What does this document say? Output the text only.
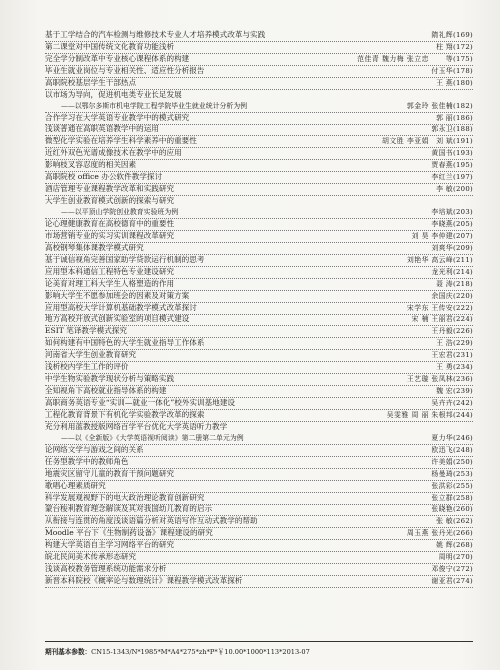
基于工学结合的汽车检测与维修技术专业人才培养模式改革与实践	隋礼辉(169)
第二课堂对中国传统文化教育功能浅析	柱 翔(172)
完全学分制改革中专业核心课程体系的构建	范佳青 魏力梅 张立忠	等(175)
毕业生就业岗位与专业相关性、适应性分析报告	付玉华(178)
高职院校基层学生干部热点	王 燕(180)
以市场为导向，促进机电类专业长足发展
——以鄂尔多斯市机电学院工程学院毕业生就业统计分析为例	郭金玲 张佳楠(182)
合作学习在大学英语专业教学中的模式研究	郭 丽(186)
浅谈普通在高职英语教学中的运用	郭永卫(188)
微型化学实验在培养学生科学素养中的重要性	胡文胜 李亚娟	刘 斌(191)
近红外双色光谱成像技术在教学中的应用	黄国书(193)
影响枝叉容忍度的相关因素	贾春燕(195)
高职院校 office 办公软件教学探讨	李红兰(197)
酒店管理专业课程教学改革和实践研究	李 敏(200)
大学生创业教育模式创新的探索与研究
——以平顶山学院创业教育实验班为例	李培斌(203)
论心理健康教育在高校德育中的重要性	李晓燕(205)
市场营销专业的实习实训课程改革研究	刘 昊 李仲建(207)
高校钢琴集体课教学模式研究	刘爽华(209)
基于诚信视角完善国家助学贷款运行机制的思考	刘艳华 高云峰(211)
应用型本科通信工程特色专业建设研究	龙光利(214)
论美育对理工科大学生人格塑造的作用	聂 涛(218)
影响大学生不愿参加班会的因素及对策方案	余国庆(220)
应用型高校大学计算机基础教学模式改革探讨	宋学东 王传安(222)
地方高校开放式创新实验室的项目模式建设	宋 楠 王丽君(224)
ESIT 笔译教学模式探究	王丹毅(226)
如何构建有中国特色的大学生就业指导工作体系	王 浩(229)
河南省大学生创业教育研究	王宏君(231)
浅析校内学生工作的评价	王 勇(234)
中学生物实验教学现状分析与策略实践	王艺璇 张凤林(236)
全知视角下高校就业指导体系的构建	魏 宏(239)
高职商务英语专业“实训—就业一体化”校外实训基地建设	吴卉卉(242)
工程化教育背景下有机化学实验教学改革的探索	吴雯雅 周 丽 朱根邦(244)
充分利用蓝教授版网络百学平台优化大学英语听力教学
——以《全新版》《大学英语视听阅读》第二册第二单元为例	夏力华(246)
论网络文学与游戏之间的关系	欧迅飞(248)
任务型教学中的教师角色	许美娟(250)
地震灾区留守儿童的教育干预问题研究	杨曼琦(253)
歌唱心理素质研究	张洪彩(255)
科学发展观视野下的电大政治理论教育创新研究	张立群(258)
蒙台梭利教育理念解读及其对我国幼儿教育的启示	张晓艳(260)
从衔接与连贯的角度浅谈语篇分析对英语写作互动式教学的帮助	张 敏(262)
Moodle 平台下《生物制药设备》课程建设的研究	周玉燕 张丹光(266)
构建大学英语自主学习网络平台的研究	姚 辉(268)
皖北民间美术传承形态研究	周明(270)
浅谈高校教务管理系统功能需求分析	邓俊宁(272)
新晋本科院校《概率论与数理统计》课程教学模式改革探析	谢亚君(274)
期刊基本参数：CN15-1343/N*1985*M*A4*275*zh*P*￥10.00*1000*113*2013-07
